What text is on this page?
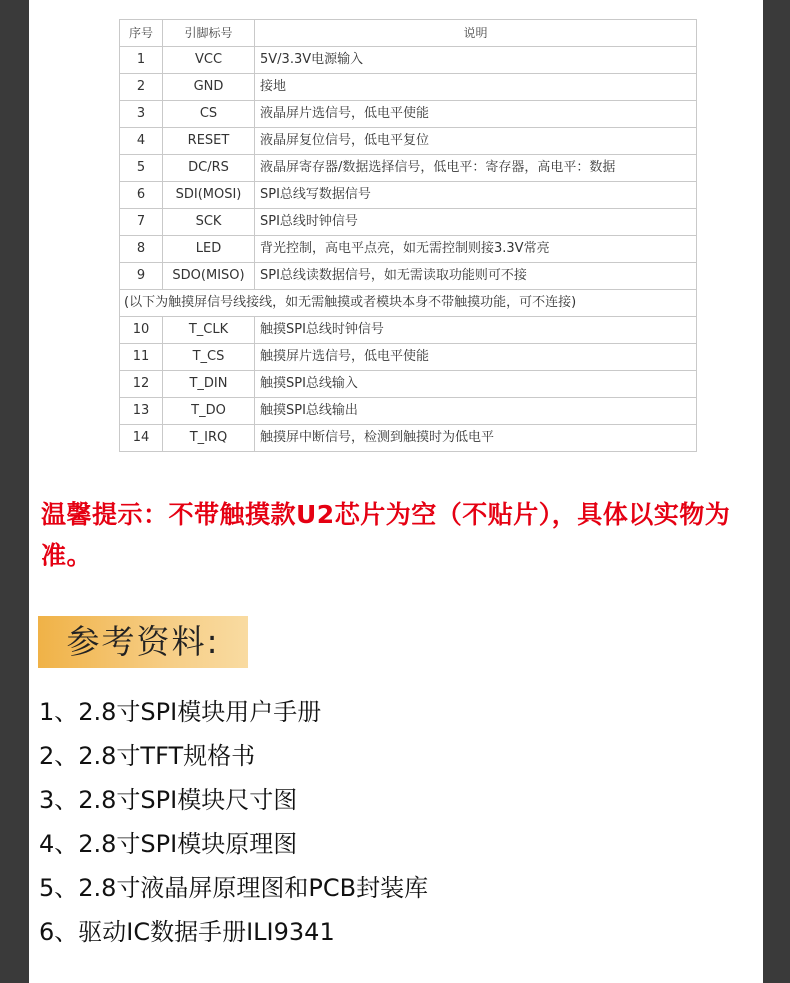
序号	引脚标号	说明
1	VCC	5V/3.3V电源输入
2	GND	接地
3	CS	液晶屏片选信号，低电平使能
4	RESET	液晶屏复位信号，低电平复位
5	DC/RS	液晶屏寄存器/数据选择信号，低电平：寄存器，高电平：数据
6	SDI(MOSI)	SPI总线写数据信号
7	SCK	SPI总线时钟信号
8	LED	背光控制，高电平点亮，如无需控制则接3.3V常亮
9	SDO(MISO)	SPI总线读数据信号，如无需读取功能则可不接
(以下为触摸屏信号线接线，如无需触摸或者模块本身不带触摸功能，可不连接)		
10	T_CLK	触摸SPI总线时钟信号
11	T_CS	触摸屏片选信号，低电平使能
12	T_DIN	触摸SPI总线输入
13	T_DO	触摸SPI总线输出
14	T_IRQ	触摸屏中断信号，检测到触摸时为低电平
温馨提示：不带触摸款U2芯片为空（不贴片），具体以实物为准。
参考资料:
1、2.8寸SPI模块用户手册
2、2.8寸TFT规格书
3、2.8寸SPI模块尺寸图
4、2.8寸SPI模块原理图
5、2.8寸液晶屏原理图和PCB封装库
6、驱动IC数据手册ILI9341
